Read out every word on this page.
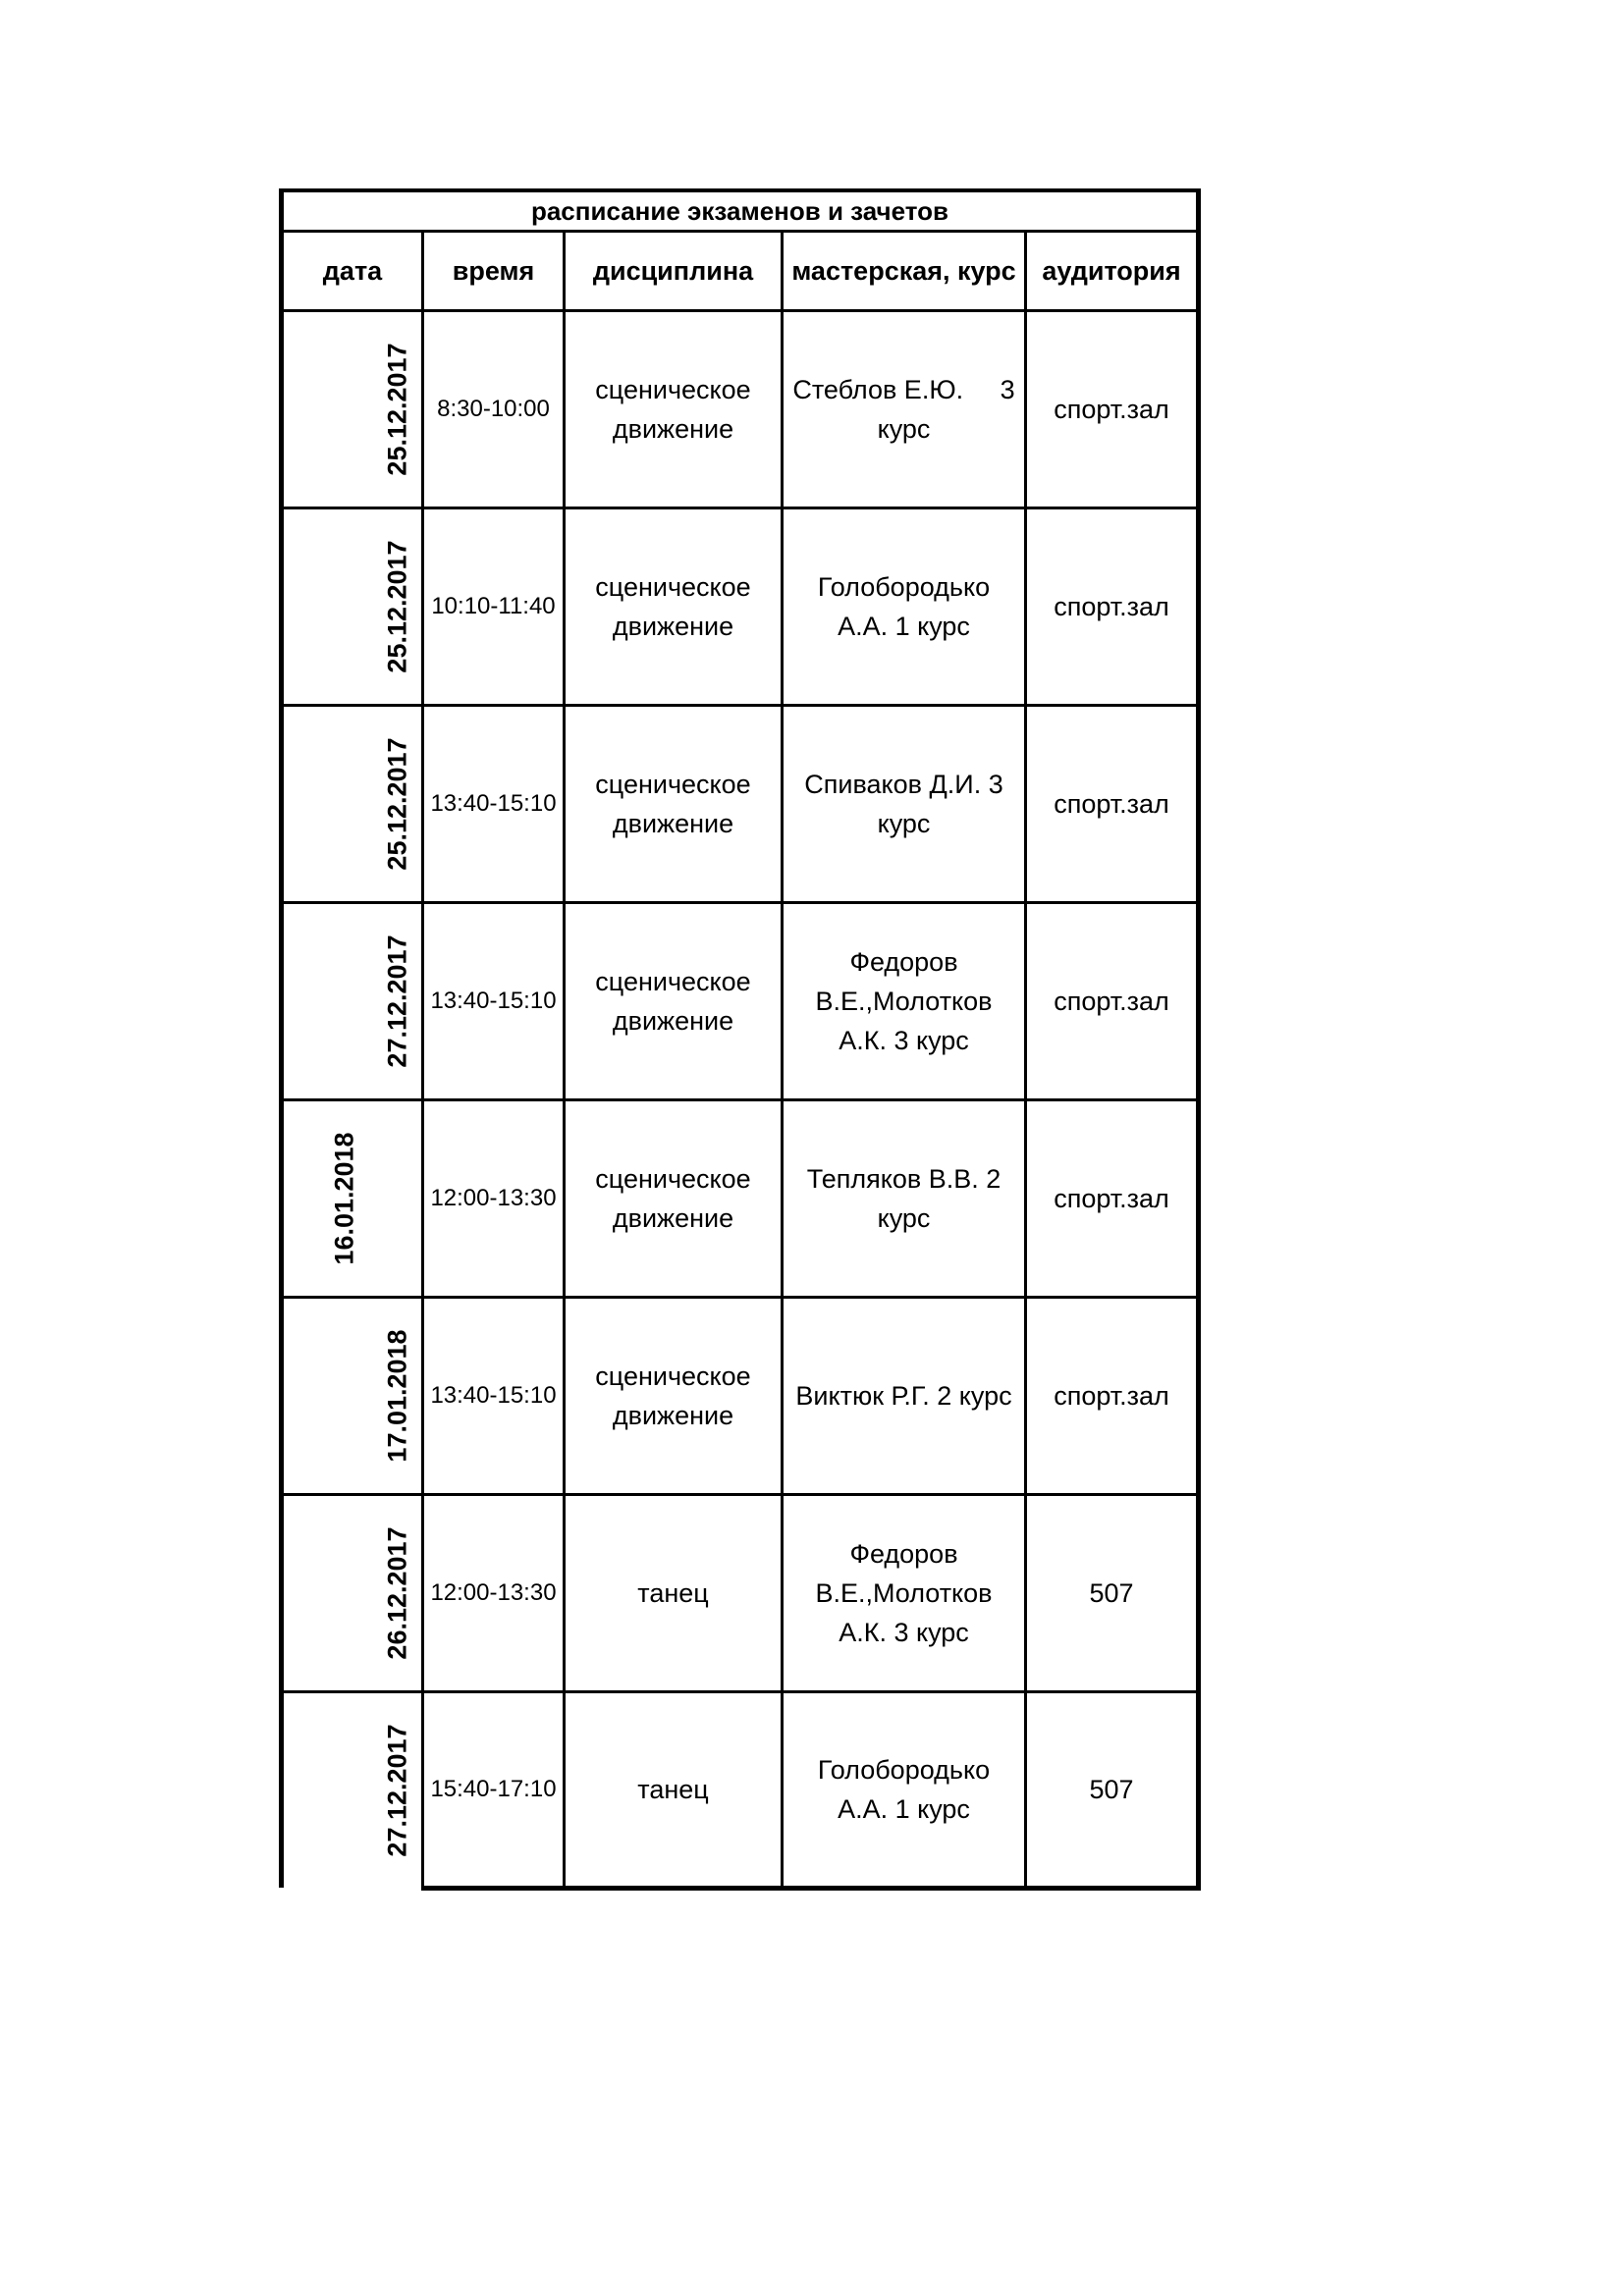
расписание экзаменов и зачетов				
дата	время	дисциплина	мастерская, курс	аудитория

25.12.2017	8:30-10:00	сценическое движение	Стеблов Е.Ю.     3 курс	спорт.зал

25.12.2017	10:10-11:40	сценическое движение	Голобородько А.А. 1 курс	спорт.зал

25.12.2017	13:40-15:10	сценическое движение	Спиваков Д.И. 3 курс	спорт.зал

27.12.2017	13:40-15:10	сценическое движение	Федоров В.Е.,Молотков А.К. 3 курс	спорт.зал

16.01.2018	12:00-13:30	сценическое движение	Тепляков В.В. 2 курс	спорт.зал

17.01.2018	13:40-15:10	сценическое движение	Виктюк Р.Г. 2 курс	спорт.зал

26.12.2017	12:00-13:30	танец	Федоров В.Е.,Молотков А.К. 3 курс	507

27.12.2017	15:40-17:10	танец	Голобородько А.А. 1 курс	507
